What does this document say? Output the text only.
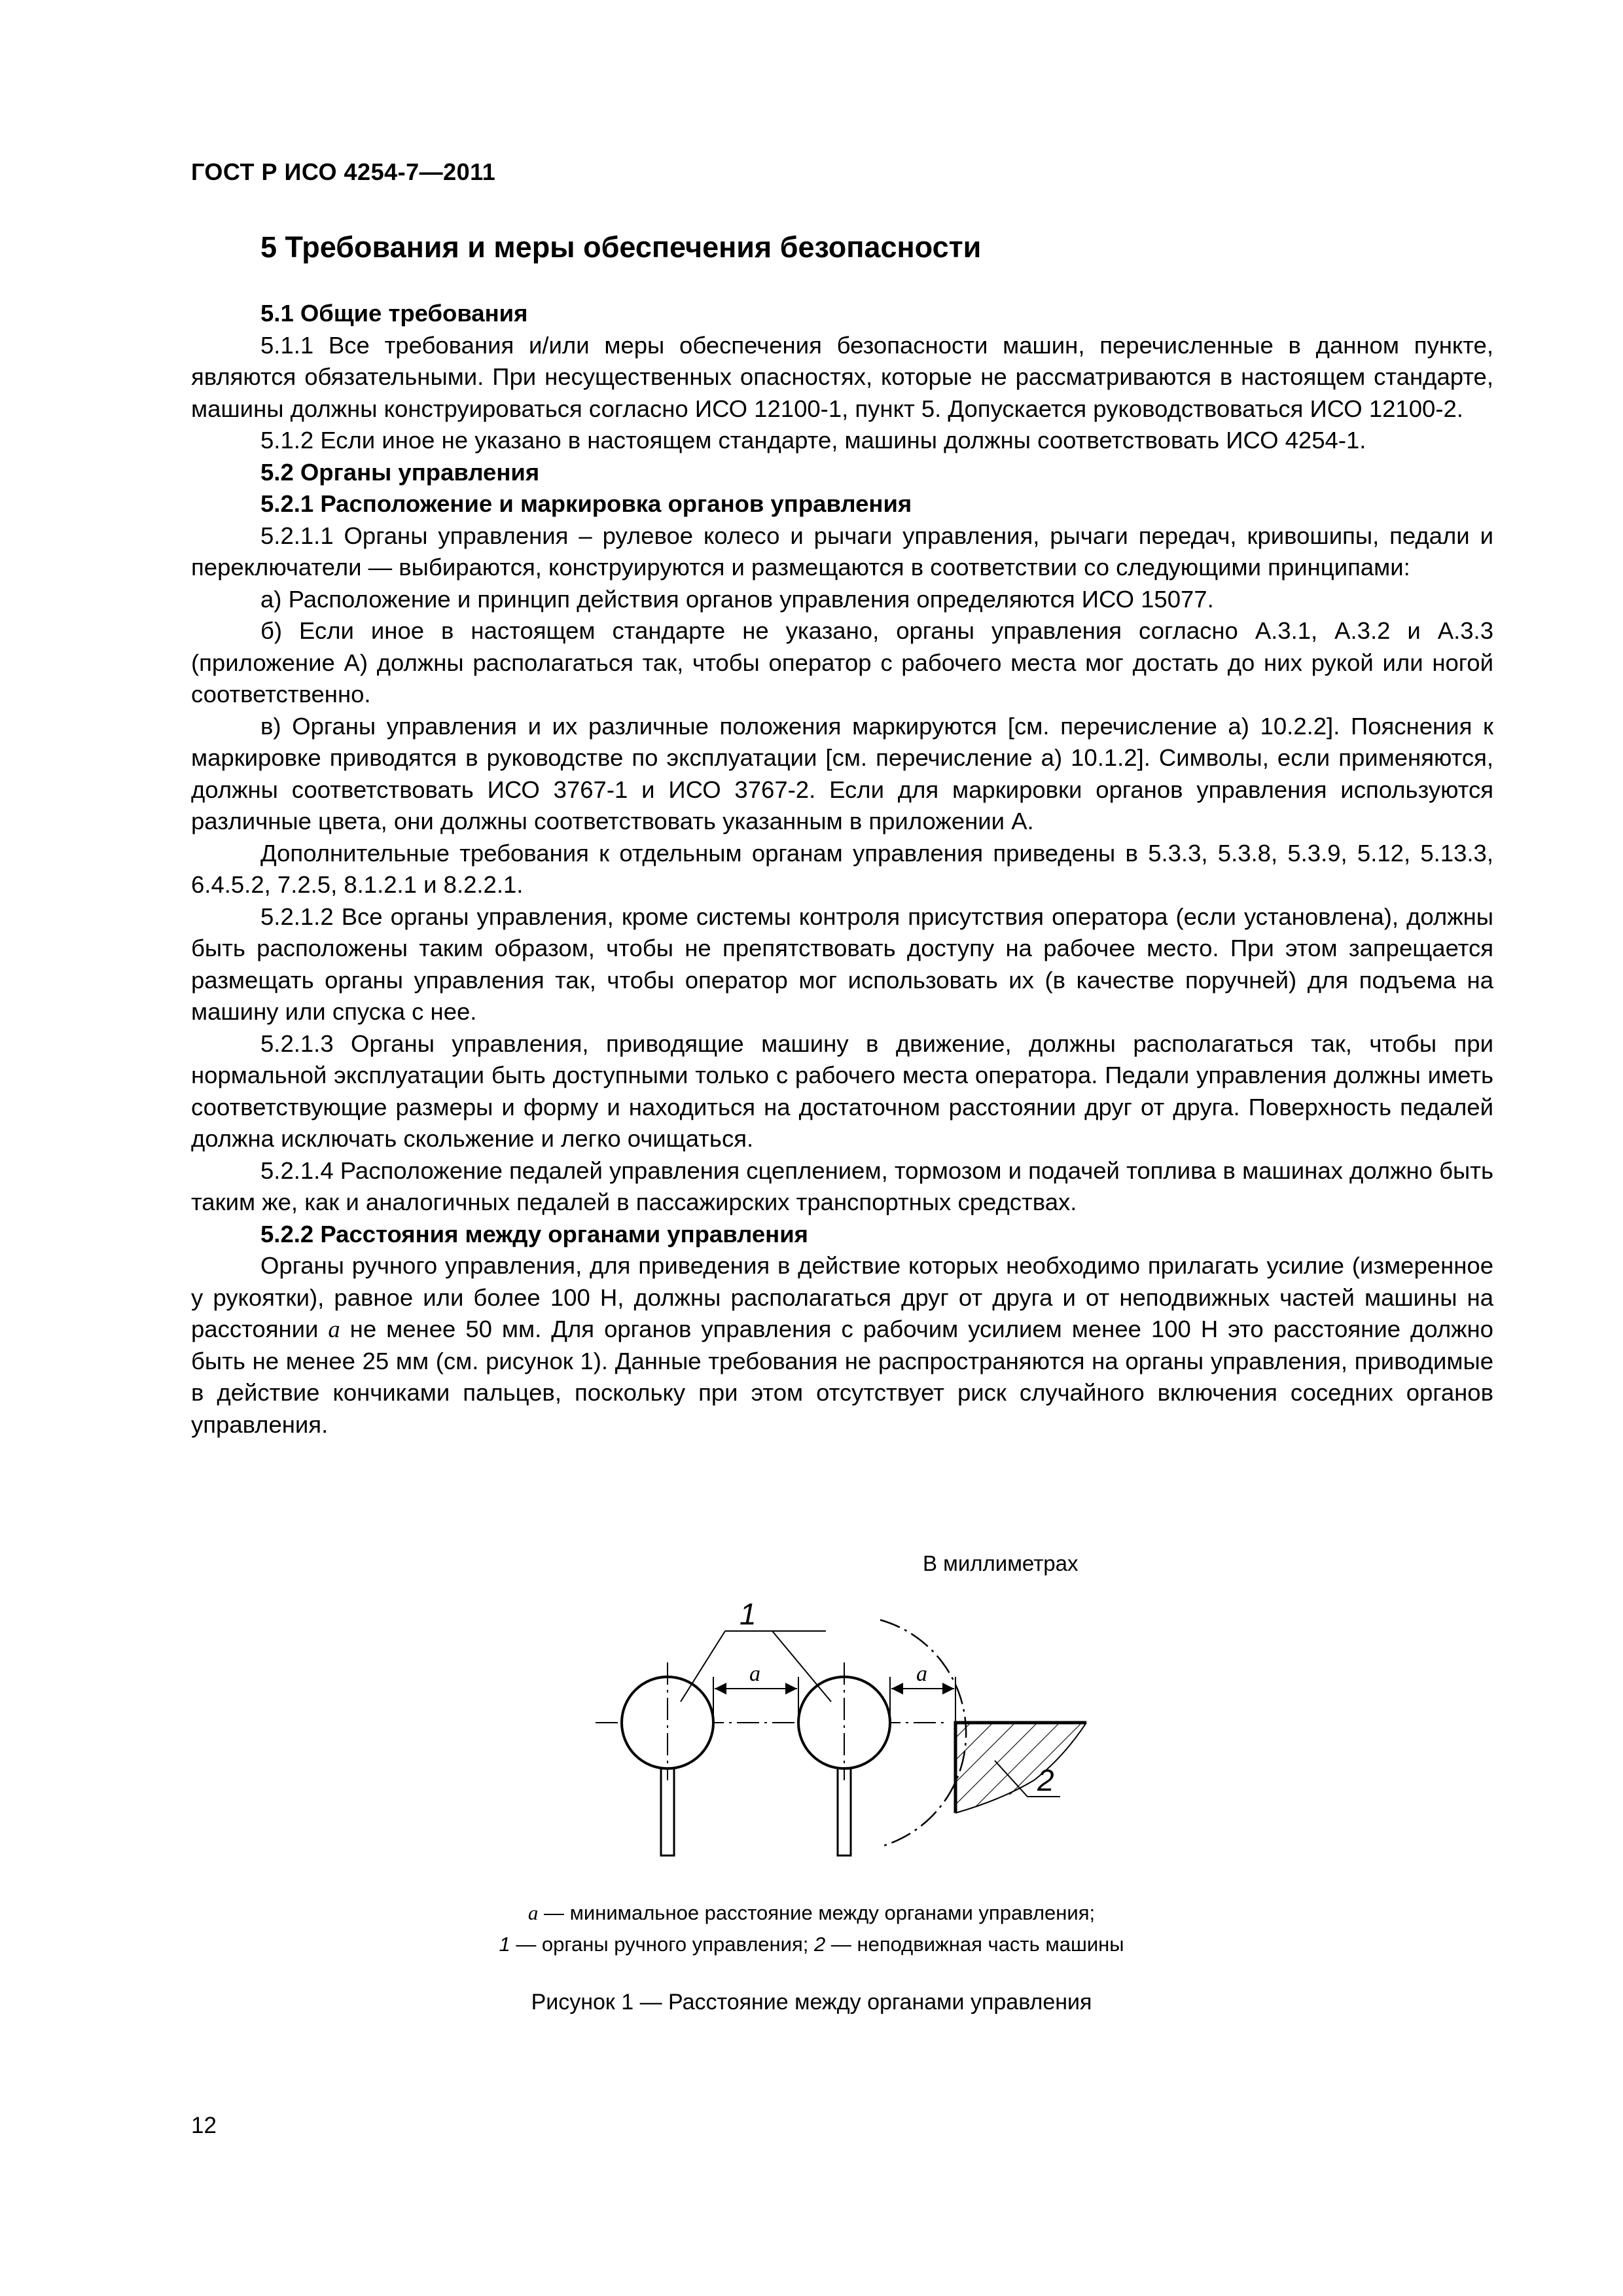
ГОСТ Р ИСО 4254-7—2011
5 Требования и меры обеспечения безопасности

5.1 Общие требования

5.1.1 Все требования и/или меры обеспечения безопасности машин, перечисленные в данном пункте, являются обязательными. При несущественных опасностях, которые не рассматриваются в настоящем стандарте, машины должны конструироваться согласно ИСО 12100-1, пункт 5. Допускается руководствоваться ИСО 12100-2.

5.1.2 Если иное не указано в настоящем стандарте, машины должны соответствовать ИСО 4254-1.

5.2 Органы управления

5.2.1 Расположение и маркировка органов управления

5.2.1.1 Органы управления – рулевое колесо и рычаги управления, рычаги передач, кривошипы, педали и переключатели — выбираются, конструируются и размещаются в соответствии со следующими принципами:

а) Расположение и принцип действия органов управления определяются ИСО 15077.

б) Если иное в настоящем стандарте не указано, органы управления согласно А.3.1, А.3.2 и А.3.3 (приложение А) должны располагаться так, чтобы оператор с рабочего места мог достать до них рукой или ногой соответственно.

в) Органы управления и их различные положения маркируются [см. перечисление а) 10.2.2]. Пояснения к маркировке приводятся в руководстве по эксплуатации [см. перечисление а) 10.1.2]. Символы, если применяются, должны соответствовать ИСО 3767-1 и ИСО 3767-2. Если для маркировки органов управления используются различные цвета, они должны соответствовать указанным в приложении А.

Дополнительные требования к отдельным органам управления приведены в 5.3.3, 5.3.8, 5.3.9, 5.12, 5.13.3, 6.4.5.2, 7.2.5, 8.1.2.1 и 8.2.2.1.

5.2.1.2 Все органы управления, кроме системы контроля присутствия оператора (если установлена), должны быть расположены таким образом, чтобы не препятствовать доступу на рабочее место. При этом запрещается размещать органы управления так, чтобы оператор мог использовать их (в качестве поручней) для подъема на машину или спуска с нее.

5.2.1.3 Органы управления, приводящие машину в движение, должны располагаться так, чтобы при нормальной эксплуатации быть доступными только с рабочего места оператора. Педали управления должны иметь соответствующие размеры и форму и находиться на достаточном расстоянии друг от друга. Поверхность педалей должна исключать скольжение и легко очищаться.

5.2.1.4 Расположение педалей управления сцеплением, тормозом и подачей топлива в машинах должно быть таким же, как и аналогичных педалей в пассажирских транспортных средствах.

5.2.2 Расстояния между органами управления

Органы ручного управления, для приведения в действие которых необходимо прилагать усилие (измеренное у рукоятки), равное или более 100 Н, должны располагаться друг от друга и от неподвижных частей машины на расстоянии a не менее 50 мм. Для органов управления с рабочим усилием менее 100 Н это расстояние должно быть не менее 25 мм (см. рисунок 1). Данные требования не распространяются на органы управления, приводимые в действие кончиками пальцев, поскольку при этом отсутствует риск случайного включения соседних органов управления.

В миллиметрах
a	a
1
2
a — минимальное расстояние между органами управления;
1 — органы ручного управления; 2 — неподвижная часть машины
Рисунок 1 — Расстояние между органами управления
12
